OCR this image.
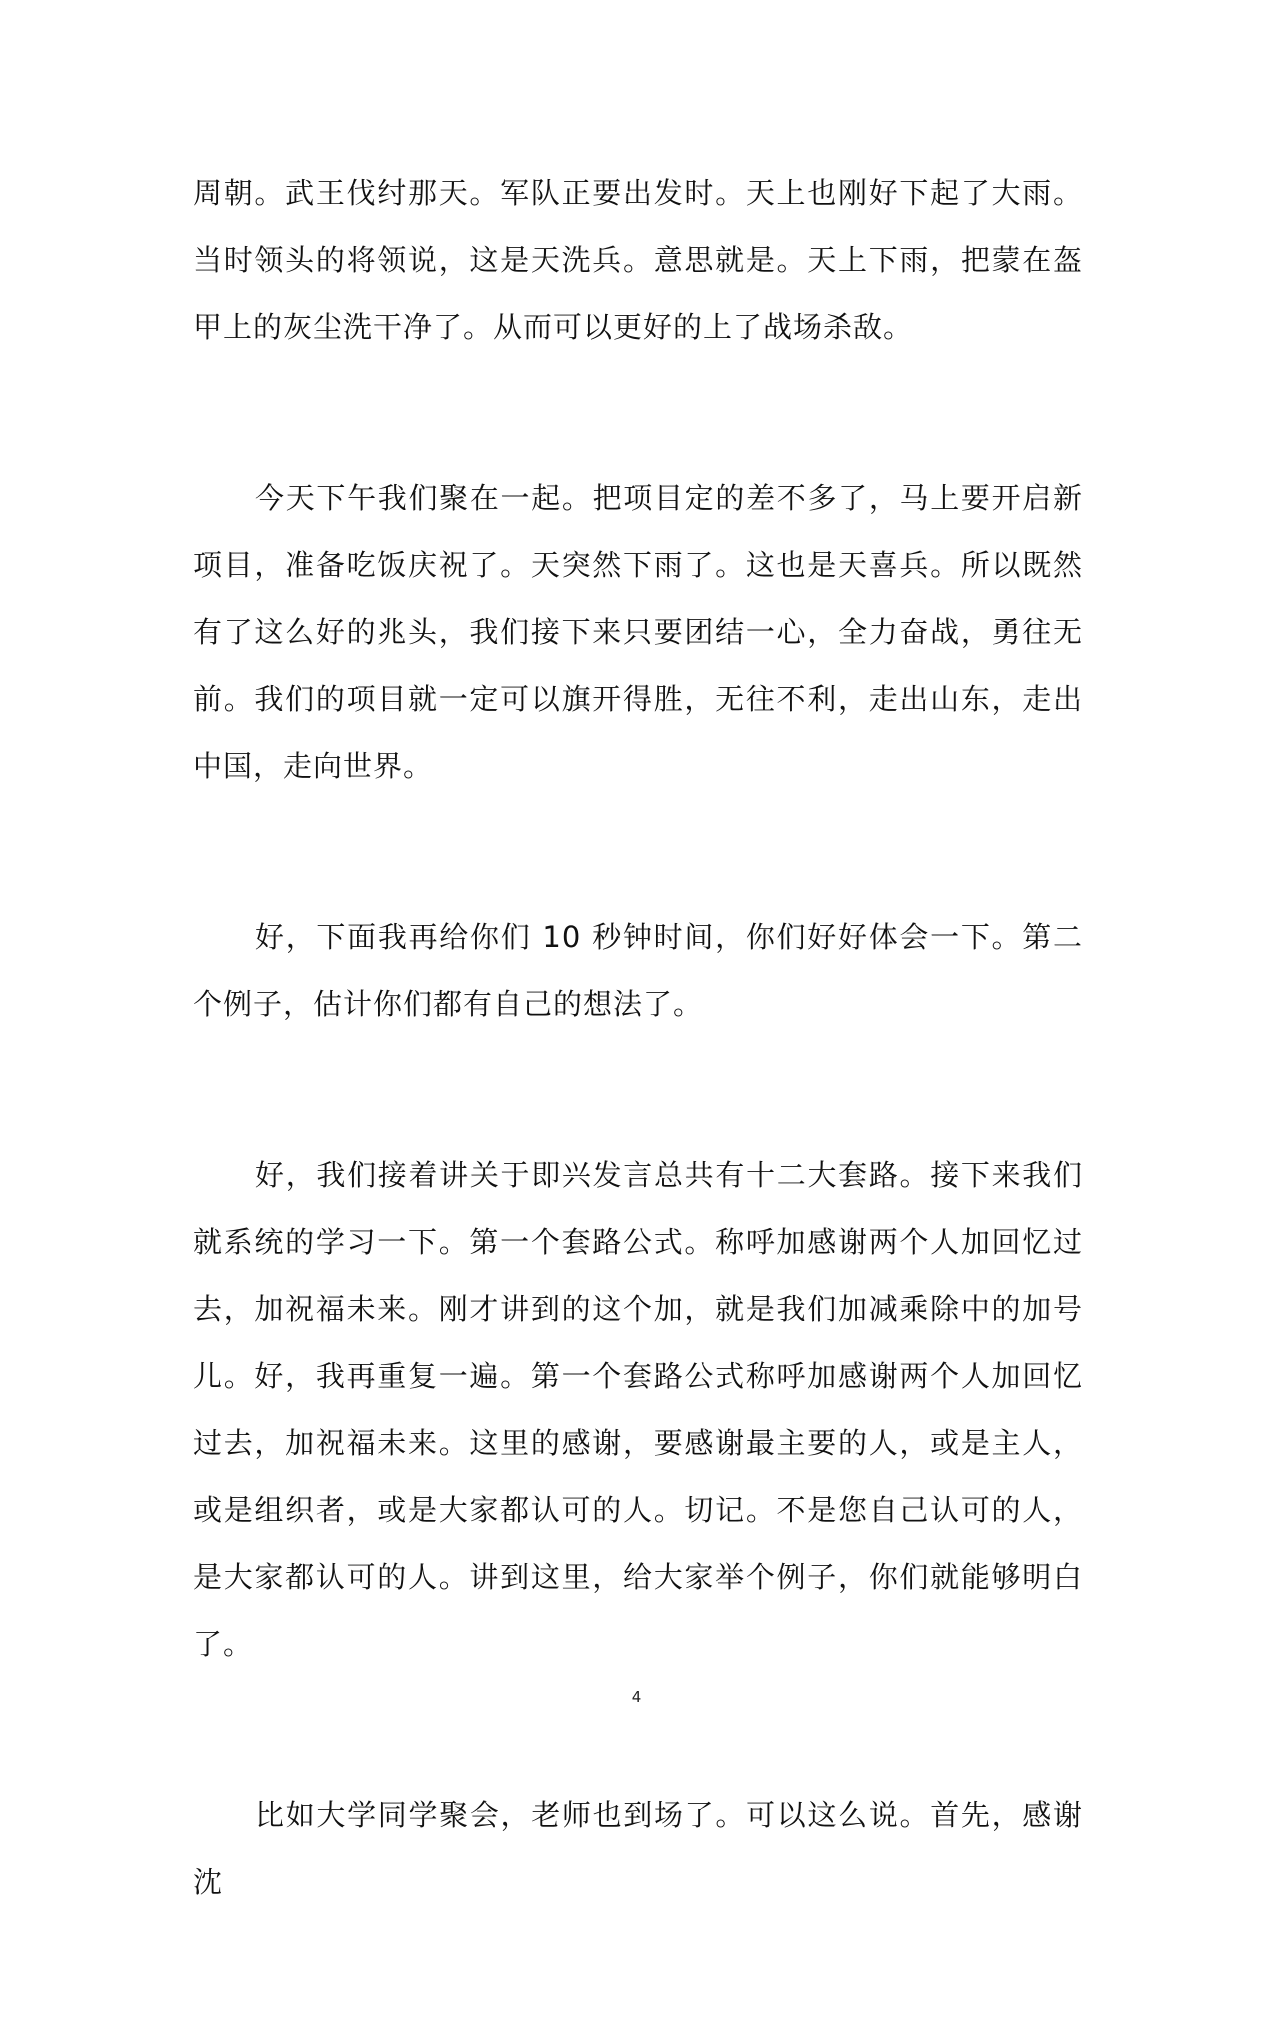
周朝。武王伐纣那天。军队正要出发时。天上也刚好下起了大雨。当时领头的将领说，这是天洗兵。意思就是。天上下雨，把蒙在盔甲上的灰尘洗干净了。从而可以更好的上了战场杀敌。

今天下午我们聚在一起。把项目定的差不多了，马上要开启新项目，准备吃饭庆祝了。天突然下雨了。这也是天喜兵。所以既然有了这么好的兆头，我们接下来只要团结一心，全力奋战，勇往无前。我们的项目就一定可以旗开得胜，无往不利，走出山东，走出中国，走向世界。

好，下面我再给你们 10 秒钟时间，你们好好体会一下。第二个例子，估计你们都有自己的想法了。

好，我们接着讲关于即兴发言总共有十二大套路。接下来我们就系统的学习一下。第一个套路公式。称呼加感谢两个人加回忆过去，加祝福未来。刚才讲到的这个加，就是我们加减乘除中的加号儿。好，我再重复一遍。第一个套路公式称呼加感谢两个人加回忆过去，加祝福未来。这里的感谢，要感谢最主要的人，或是主人，或是组织者，或是大家都认可的人。切记。不是您自己认可的人，是大家都认可的人。讲到这里，给大家举个例子，你们就能够明白了。

比如大学同学聚会，老师也到场了。可以这么说。首先，感谢沈

4
